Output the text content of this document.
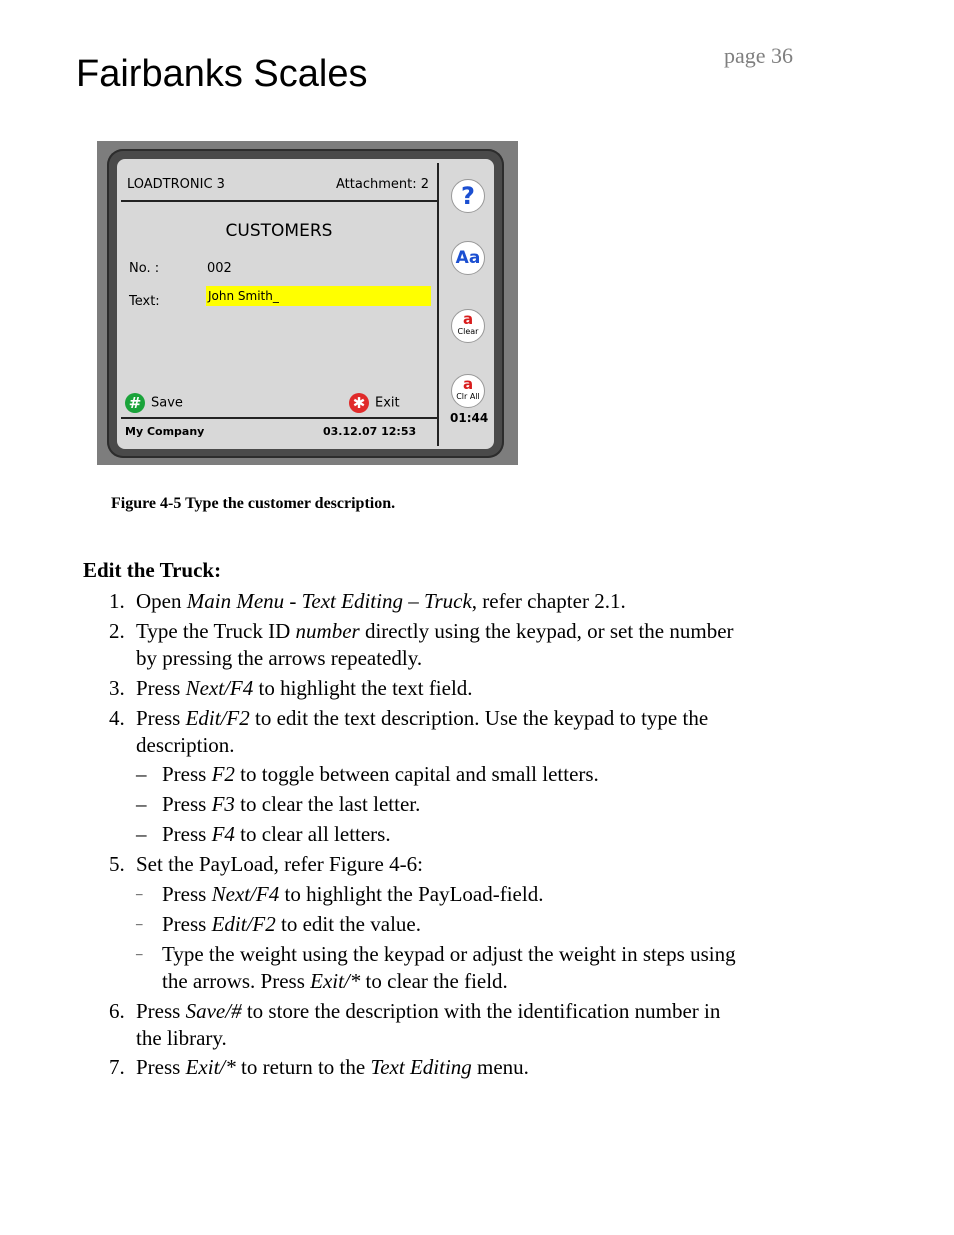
Fairbanks Scales	page 36
LOADTRONIC 3	Attachment: 2
CUSTOMERS
No. :	002
Text:	John Smith_
# Save	✱ Exit
My Company	03.12.07 12:53
?
Aa
a
Clear
a
Clr All
01:44
Figure 4-5 Type the customer description.
Edit the Truck:
1. Open Main Menu - Text Editing – Truck, refer chapter 2.1.
2. Type the Truck ID number directly using the keypad, or set the number
by pressing the arrows repeatedly.
3. Press Next/F4 to highlight the text field.
4. Press Edit/F2 to edit the text description. Use the keypad to type the
description.
– Press F2 to toggle between capital and small letters.
– Press F3 to clear the last letter.
– Press F4 to clear all letters.
5. Set the PayLoad, refer Figure 4-6:
– Press Next/F4 to highlight the PayLoad-field.
– Press Edit/F2 to edit the value.
– Type the weight using the keypad or adjust the weight in steps using
the arrows. Press Exit/* to clear the field.
6. Press Save/# to store the description with the identification number in
the library.
7. Press Exit/* to return to the Text Editing menu.
